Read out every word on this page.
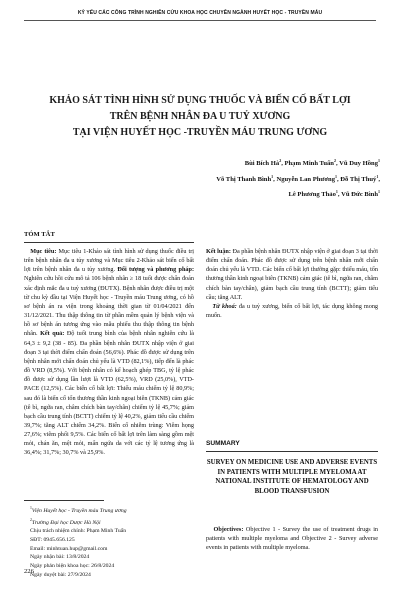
KỶ YẾU CÁC CÔNG TRÌNH NGHIÊN CỨU KHOA HỌC CHUYÊN NGÀNH HUYẾT HỌC - TRUYỀN MÁU
KHẢO SÁT TÌNH HÌNH SỬ DỤNG THUỐC VÀ BIẾN CỐ BẤT LỢI
TRÊN BỆNH NHÂN ĐA U TUỶ XƯƠNG
TẠI VIỆN HUYẾT HỌC -TRUYỀN MÁU TRUNG ƯƠNG
Bùi Bích $Hà^2$, Phạm Minh Tuấn$^2$, Vũ Duy Hồng$^1$
Võ Thị Thanh Bình$^1$, Nguyễn Lan Phương$^1$, Đỗ Thị Thuý$^1$,
Lê Phương Thảo$^1$, Vũ Đức Bình$^1$
TÓM TẮT

Mục tiêu: Mục tiêu 1-Khảo sát tình hình sử dụng thuốc điều trị trên bệnh nhân đa u tủy xương và Mục tiêu 2-Khảo sát biến cố bất lợi trên bệnh nhân đa u tủy xương. Đối tượng và phương pháp: Nghiên cứu hồi cứu mô tả 106 bệnh nhân ≥ 18 tuổi được chẩn đoán xác định mắc đa u tuỷ xương (ĐUTX). Bệnh nhân được điều trị một từ chu kỳ đầu tại Viện Huyết học - Truyền máu Trung ương, có hồ sơ bệnh án ra viện trong khoảng thời gian từ 01/04/2021 đến 31/12/2021. Thu thập thông tin từ phần mềm quản lý bệnh viện và hồ sơ bệnh án tương ứng vào mẫu phiếu thu thập thông tin bệnh nhân. Kết quả: Độ tuổi trung bình của bệnh nhân nghiên cứu là 64,3 ± 9,2 (38 - 85). Đa phần bệnh nhân ĐUTX nhập viện ở giai đoạn 3 tại thời điểm chẩn đoán (56,6%). Phác đồ được sử dụng trên bệnh nhân mới chẩn đoán chủ yếu là VTD (82,1%), tiếp đến là phác đồ VRD (8,5%). Với bệnh nhân có kế hoạch ghép TBG, tỷ lệ phác đồ được sử dụng lần lượt là VTD (62,5%), VRD (25,0%), VTD-PACE (12,5%). Các biến cố bất lợi: Thiếu máu chiếm tỷ lệ 80,9%; sau đó là biến cố tổn thương thần kinh ngoại biên (TKNB) cảm giác (tê bì, ngứa ran, châm chích bàn tay/chân) chiếm tỷ lệ 45,7%; giảm bạch cầu trung tính (BCTT) chiếm tỷ lệ 40,2%, giảm tiểu cầu chiếm 39,7%; tăng ALT chiếm 34,2%. Biến cố nhiễm trùng: Viêm họng 27,6%; viêm phổi 9,5%. Các biến cố bất lợi trên làm sàng gồm mệt mỏi, chán ăn, mệt mỏi, mẩn ngứa da với các tỷ lệ tương ứng là 36,4%; 31,7%; 30,7% và 25,9%.

Kết luận: Đa phần bệnh nhân ĐUTX nhập viện ở giai đoạn 3 tại thời điểm chẩn đoán. Phác đồ được sử dụng trên bệnh nhân mới chẩn đoán chủ yếu là VTD. Các biến cố bất lợi thường gặp: thiếu máu, tổn thương thần kinh ngoại biên (TKNB) cảm giác (tê bì, ngứa ran, châm chích bàn tay/chân), giảm bạch cầu trung tính (BCTT); giảm tiểu cầu; tăng ALT.

Từ khoá: đa u tuỷ xương, biến cố bất lợi, tác dụng không mong muốn.

SUMMARY
SURVEY ON MEDICINE USE AND ADVERSE EVENTS IN PATIENTS WITH MULTIPLE MYELOMA AT NATIONAL INSTITUTE OF HEMATOLOGY AND BLOOD TRANSFUSION

Objectives: Objective 1 - Survey the use of treatment drugs in patients with multiple myeloma and Objective 2 - Survey adverse events in patients with multiple myeloma.

$^1$Viện Huyết học - Truyền máu Trung ương
$^2$Trường Đại học Dược Hà Nội
Chịu trách nhiệm chính: Phạm Minh Tuấn
SĐT: 0945.656.125
Email: minhtuan.hup@gmail.com
Ngày nhận bài: 13/8/2024
Ngày phản biện khoa học: 26/8/2024
Ngày duyệt bài: 27/9/2024
226
